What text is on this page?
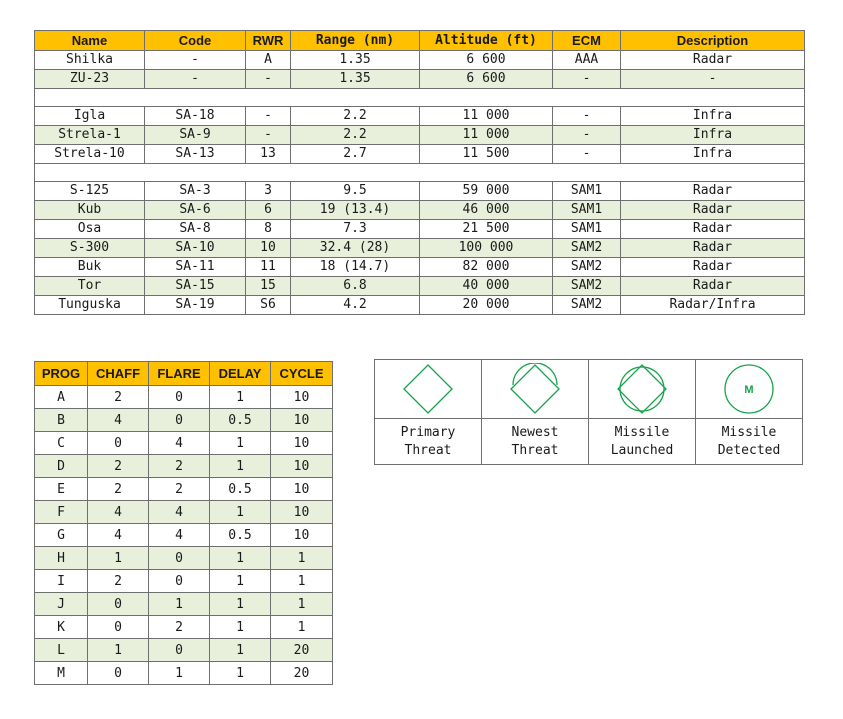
Name	Code	RWR	Range (nm)	Altitude (ft)	ECM	Description
Shilka	-	A	1.35	6 600	AAA	Radar
ZU-23	-	-	1.35	6 600	-	-

Igla	SA-18	-	2.2	11 000	-	Infra
Strela-1	SA-9	-	2.2	11 000	-	Infra
Strela-10	SA-13	13	2.7	11 500	-	Infra

S-125	SA-3	3	9.5	59 000	SAM1	Radar
Kub	SA-6	6	19 (13.4)	46 000	SAM1	Radar
Osa	SA-8	8	7.3	21 500	SAM1	Radar
S-300	SA-10	10	32.4 (28)	100 000	SAM2	Radar
Buk	SA-11	11	18 (14.7)	82 000	SAM2	Radar
Tor	SA-15	15	6.8	40 000	SAM2	Radar
Tunguska	SA-19	S6	4.2	20 000	SAM2	Radar/Infra
PROG	CHAFF	FLARE	DELAY	CYCLE
A	2	0	1	10
B	4	0	0.5	10
C	0	4	1	10
D	2	2	1	10
E	2	2	0.5	10
F	4	4	1	10
G	4	4	0.5	10
H	1	0	1	1
I	2	0	1	1
J	0	1	1	1
K	0	2	1	1
L	1	0	1	20
M	0	1	1	20
Primary
Threat
Newest
Threat
Missile
Launched
M
Missile
Detected
